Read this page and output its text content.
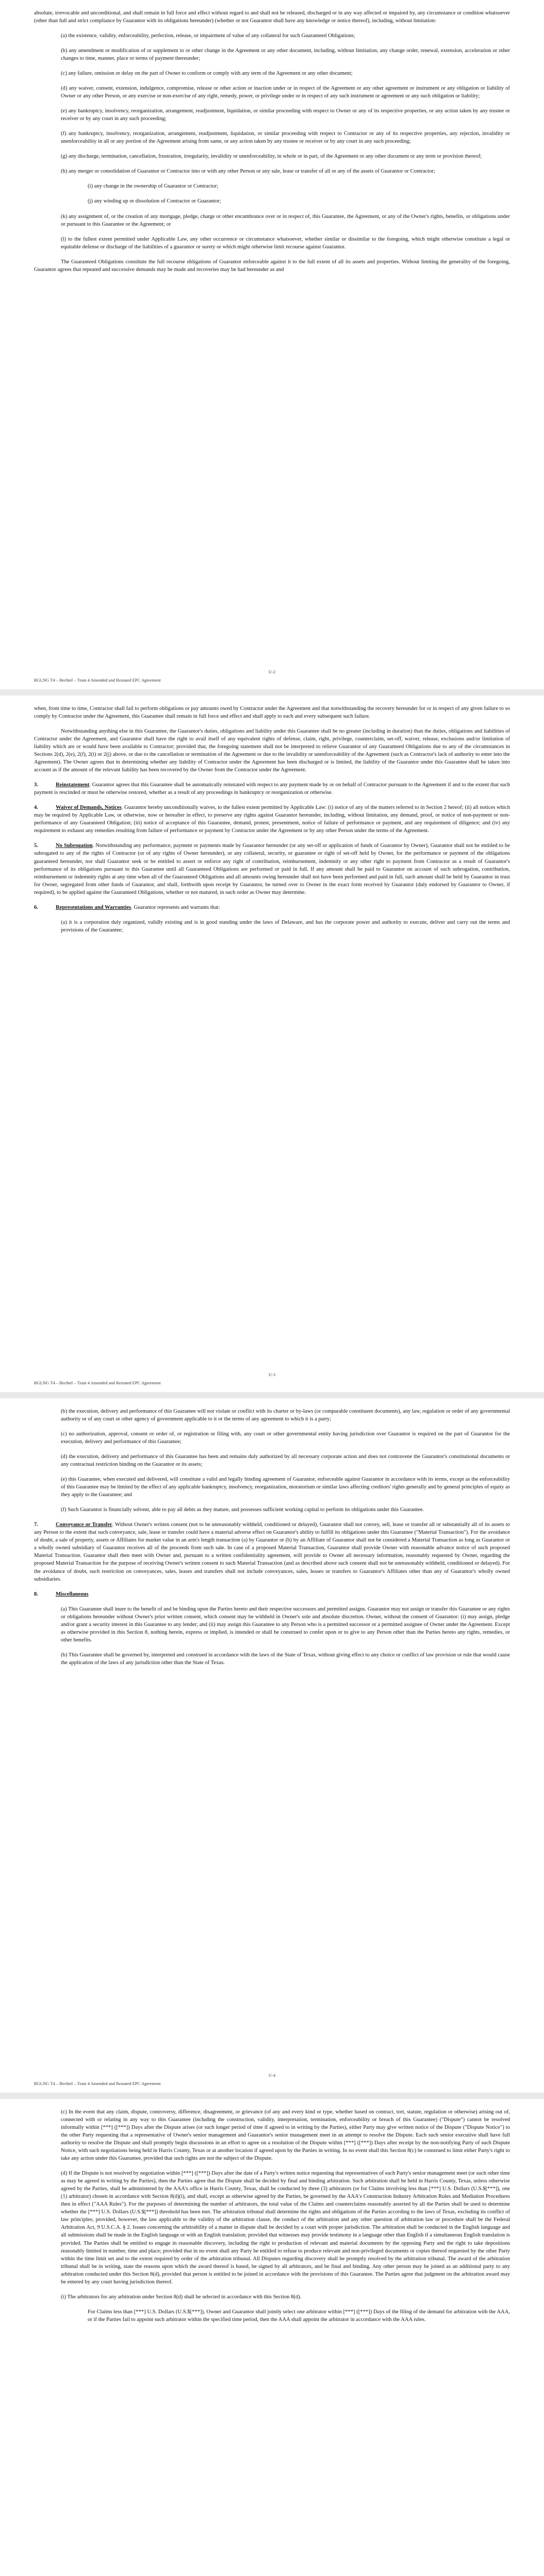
absolute, irrevocable and unconditional, and shall remain in full force and effect without regard to and shall not be released, discharged or in any way affected or impaired by, any circumstance or condition whatsoever (other than full and strict compliance by Guarantor with its obligations hereunder) (whether or not Guarantor shall have any knowledge or notice thereof), including, without limitation:

(a) the existence, validity, enforceability, perfection, release, or impairment of value of any collateral for such Guaranteed Obligations;

(b) any amendment or modification of or supplement to or other change in the Agreement or any other document, including, without limitation, any change order, renewal, extension, acceleration or other changes to time, manner, place or terms of payment thereunder;

(c) any failure, omission or delay on the part of Owner to conform or comply with any term of the Agreement or any other document;

(d) any waiver, consent, extension, indulgence, compromise, release or other action or inaction under or in respect of the Agreement or any other agreement or instrument or any obligation or liability of Owner or any other Person, or any exercise or non-exercise of any right, remedy, power, or privilege under or in respect of any such instrument or agreement or any such obligation or liability;

(e) any bankruptcy, insolvency, reorganization, arrangement, readjustment, liquidation, or similar proceeding with respect to Owner or any of its respective properties, or any action taken by any trustee or receiver or by any court in any such proceeding;

(f) any bankruptcy, insolvency, reorganization, arrangement, readjustment, liquidation, or similar proceeding with respect to Contractor or any of its respective properties, any rejection, invalidity or unenforceability in all or any portion of the Agreement arising from same, or any action taken by any trustee or receiver or by any court in any such proceeding;

(g) any discharge, termination, cancellation, frustration, irregularity, invalidity or unenforceability, in whole or in part, of the Agreement or any other document or any term or provision thereof;

(h) any merger or consolidation of Guarantor or Contractor into or with any other Person or any sale, lease or transfer of all or any of the assets of Guarantor or Contractor;

(i) any change in the ownership of Guarantor or Contractor;

(j) any winding up or dissolution of Contractor or Guarantor;

(k) any assignment of, or the creation of any mortgage, pledge, charge or other encumbrance over or in respect of, this Guarantee, the Agreement, or any of the Owner's rights, benefits, or obligations under or pursuant to this Guarantee or the Agreement; or

(l) to the fullest extent permitted under Applicable Law, any other occurrence or circumstance whatsoever, whether similar or dissimilar to the foregoing, which might otherwise constitute a legal or equitable defense or discharge of the liabilities of a guarantor or surety or which might otherwise limit recourse against Guarantor.

The Guaranteed Obligations constitute the full recourse obligations of Guarantor enforceable against it to the full extent of all its assets and properties. Without limiting the generality of the foregoing, Guarantor agrees that repeated and successive demands may be made and recoveries may be had hereunder as and

U-2
RGLNG T4 – Bechtel – Train 4 Amended and Restated EPC Agreement

when, from time to time, Contractor shall fail to perform obligations or pay amounts owed by Contractor under the Agreement and that notwithstanding the recovery hereunder for or in respect of any given failure to so comply by Contractor under the Agreement, this Guarantee shall remain in full force and effect and shall apply to each and every subsequent such failure.

Notwithstanding anything else in this Guarantee, the Guarantor's duties, obligations and liability under this Guarantee shall be no greater (including in duration) than the duties, obligations and liabilities of Contractor under the Agreement, and Guarantor shall have the right to avail itself of any equivalent rights of defense, claim, right, privilege, counterclaim, set-off, waiver, release, exclusions and/or limitation of liability which are or would have been available to Contractor; provided that, the foregoing statement shall not be interpreted to relieve Guarantor of any Guaranteed Obligations due to any of the circumstances in Sections 2(d), 2(e), 2(f), 2(i) or 2(j) above, or due to the cancellation or termination of the Agreement or due to the invalidity or unenforceability of the Agreement (such as Contractor's lack of authority to enter into the Agreement). The Owner agrees that in determining whether any liability of Contractor under the Agreement has been discharged or is limited, the liability of the Guarantor under this Guarantee shall be taken into account as if the amount of the relevant liability has been recovered by the Owner from the Contractor under the Agreement.

3.	Reinstatement. Guarantor agrees that this Guarantee shall be automatically reinstated with respect to any payment made by or on behalf of Contractor pursuant to the Agreement if and to the extent that such payment is rescinded or must be otherwise restored, whether as a result of any proceedings in bankruptcy or reorganization or otherwise.

4.	Waiver of Demands, Notices. Guarantor hereby unconditionally waives, to the fullest extent permitted by Applicable Law: (i) notice of any of the matters referred to in Section 2 hereof; (ii) all notices which may be required by Applicable Law, or otherwise, now or hereafter in effect, to preserve any rights against Guarantor hereunder, including, without limitation, any demand, proof, or notice of non-payment or non-performance of any Guaranteed Obligation; (iii) notice of acceptance of this Guarantee, demand, protest, presentment, notice of failure of performance or payment, and any requirement of diligence; and (iv) any requirement to exhaust any remedies resulting from failure of performance or payment by Contractor under the Agreement or by any other Person under the terms of the Agreement.

5.	No Subrogation. Notwithstanding any performance, payment or payments made by Guarantor hereunder (or any set-off or application of funds of Guarantor by Owner), Guarantor shall not be entitled to be subrogated to any of the rights of Contractor (or of any rights of Owner hereunder), or any collateral, security, or guarantee or right of set-off held by Owner, for the performance or payment of the obligations guaranteed hereunder, nor shall Guarantor seek or be entitled to assert or enforce any right of contribution, reimbursement, indemnity or any other right to payment from Contractor as a result of Guarantor's performance of its obligations pursuant to this Guarantee until all Guaranteed Obligations are performed or paid in full. If any amount shall be paid to Guarantor on account of such subrogation, contribution, reimbursement or indemnity rights at any time when all of the Guaranteed Obligations and all amounts owing hereunder shall not have been performed and paid in full, such amount shall be held by Guarantor in trust for Owner, segregated from other funds of Guarantor, and shall, forthwith upon receipt by Guarantor, be turned over to Owner in the exact form received by Guarantor (duly endorsed by Guarantor to Owner, if required), to be applied against the Guaranteed Obligations, whether or not matured, in such order as Owner may determine.

6.	Representations and Warranties. Guarantor represents and warrants that:

(a) it is a corporation duly organized, validly existing and is in good standing under the laws of Delaware, and has the corporate power and authority to execute, deliver and carry out the terms and provisions of the Guarantee;

U-3
RGLNG T4 – Bechtel – Train 4 Amended and Restated EPC Agreement

(b) the execution, delivery and performance of this Guarantee will not violate or conflict with its charter or by-laws (or comparable constituent documents), any law, regulation or order of any governmental authority or of any court or other agency of government applicable to it or the terms of any agreement to which it is a party;

(c) no authorization, approval, consent or order of, or registration or filing with, any court or other governmental entity having jurisdiction over Guarantor is required on the part of Guarantor for the execution, delivery and performance of this Guarantee;

(d) the execution, delivery and performance of this Guarantee has been and remains duly authorized by all necessary corporate action and does not contravene the Guarantor's constitutional documents or any contractual restriction binding on the Guarantor or its assets;

(e) this Guarantee, when executed and delivered, will constitute a valid and legally binding agreement of Guarantor, enforceable against Guarantor in accordance with its terms, except as the enforceability of this Guarantee may be limited by the effect of any applicable bankruptcy, insolvency, reorganization, moratorium or similar laws affecting creditors' rights generally and by general principles of equity as they apply to the Guarantee; and

(f) Such Guarantor is financially solvent, able to pay all debts as they mature, and possesses sufficient working capital to perform its obligations under this Guarantee.

7.	Conveyance or Transfer. Without Owner's written consent (not to be unreasonably withheld, conditioned or delayed), Guarantor shall not convey, sell, lease or transfer all or substantially all of its assets to any Person to the extent that such conveyance, sale, lease or transfer could have a material adverse effect on Guarantor's ability to fulfill its obligations under this Guarantee ("Material Transaction"). For the avoidance of doubt, a sale of property, assets or Affiliates for market value in an arm's length transaction (a) by Guarantor or (b) by an Affiliate of Guarantor shall not be considered a Material Transaction as long as Guarantor or a wholly owned subsidiary of Guarantor receives all of the proceeds from such sale. In case of a proposed Material Transaction, Guarantor shall provide Owner with reasonable advance notice of such proposed Material Transaction. Guarantor shall then meet with Owner and, pursuant to a written confidentiality agreement, will provide to Owner all necessary information, reasonably requested by Owner, regarding the proposed Material Transaction for the purpose of receiving Owner's written consent to such Material Transaction (and as described above such consent shall not be unreasonably withheld, conditioned or delayed). For the avoidance of doubt, such restriction on conveyances, sales, leases and transfers shall not include conveyances, sales, leases or transfers to Guarantor's Affiliates other than any of Guarantor's wholly owned subsidiaries.

8.	Miscellaneous

(a) This Guarantee shall inure to the benefit of and be binding upon the Parties hereto and their respective successors and permitted assigns. Guarantor may not assign or transfer this Guarantee or any rights or obligations hereunder without Owner's prior written consent, which consent may be withheld in Owner's sole and absolute discretion. Owner, without the consent of Guarantor: (i) may assign, pledge and/or grant a security interest in this Guarantee to any lender; and (ii) may assign this Guarantee to any Person who is a permitted successor or a permitted assignee of Owner under the Agreement. Except as otherwise provided in this Section 8, nothing herein, express or implied, is intended or shall be construed to confer upon or to give to any Person other than the Parties hereto any rights, remedies, or other benefits.

(b) This Guarantee shall be governed by, interpreted and construed in accordance with the laws of the State of Texas, without giving effect to any choice or conflict of law provision or rule that would cause the application of the laws of any jurisdiction other than the State of Texas.

U-4
RGLNG T4 – Bechtel – Train 4 Amended and Restated EPC Agreement

(c) In the event that any claim, dispute, controversy, difference, disagreement, or grievance (of any and every kind or type, whether based on contract, tort, statute, regulation or otherwise) arising out of, connected with or relating in any way to this Guarantee (including the construction, validity, interpretation, termination, enforceability or breach of this Guarantee) ("Dispute") cannot be resolved informally within [***] ([***]) Days after the Dispute arises (or such longer period of time if agreed to in writing by the Parties), either Party may give written notice of the Dispute ("Dispute Notice") to the other Party requesting that a representative of Owner's senior management and Guarantor's senior management meet in an attempt to resolve the Dispute. Each such senior executive shall have full authority to resolve the Dispute and shall promptly begin discussions in an effort to agree on a resolution of the Dispute within [***] ([***]) Days after receipt by the non-notifying Party of such Dispute Notice, with such negotiations being held in Harris County, Texas or at another location if agreed upon by the Parties in writing. In no event shall this Section 8(c) be construed to limit either Party's right to take any action under this Guarantee, provided that such rights are not the subject of the Dispute.

(d) If the Dispute is not resolved by negotiation within [***] ([***]) Days after the date of a Party's written notice requesting that representatives of each Party's senior management meet (or such other time as may be agreed in writing by the Parties), then the Parties agree that the Dispute shall be decided by final and binding arbitration. Such arbitration shall be held in Harris County, Texas, unless otherwise agreed by the Parties, shall be administered by the AAA's office in Harris County, Texas, shall be conducted by three (3) arbitrators (or for Claims involving less than [***] U.S. Dollars (U.S.$[***]), one (1) arbitrator) chosen in accordance with Section 8(d)(i), and shall, except as otherwise agreed by the Parties, be governed by the AAA's Construction Industry Arbitration Rules and Mediation Procedures then in effect ("AAA Rules"). For the purposes of determining the number of arbitrators, the total value of the Claims and counterclaims reasonably asserted by all the Parties shall be used to determine whether the [***] U.S. Dollars (U.S.$[***]) threshold has been met. The arbitration tribunal shall determine the rights and obligations of the Parties according to the laws of Texas, excluding its conflict of law principles; provided, however, the law applicable to the validity of the arbitration clause, the conduct of the arbitration and any other question of arbitration law or procedure shall be the Federal Arbitration Act, 9 U.S.C.A. § 2. Issues concerning the arbitrability of a matter in dispute shall be decided by a court with proper jurisdiction. The arbitration shall be conducted in the English language and all submissions shall be made in the English language or with an English translation; provided that witnesses may provide testimony in a language other than English if a simultaneous English translation is provided. The Parties shall be entitled to engage in reasonable discovery, including the right to production of relevant and material documents by the opposing Party and the right to take depositions reasonably limited in number, time and place; provided that in no event shall any Party be entitled to refuse to produce relevant and non-privileged documents or copies thereof requested by the other Party within the time limit set and to the extent required by order of the arbitration tribunal. All Disputes regarding discovery shall be promptly resolved by the arbitration tribunal. The award of the arbitration tribunal shall be in writing, state the reasons upon which the award thereof is based, be signed by all arbitrators, and be final and binding. Any other person may be joined as an additional party to any arbitration conducted under this Section 8(d), provided that person is entitled to be joined in accordance with the provisions of this Guarantee. The Parties agree that judgment on the arbitration award may be entered by any court having jurisdiction thereof.

(i) The arbitrators for any arbitration under Section 8(d) shall be selected in accordance with this Section 8(d).

For Claims less than [***] U.S. Dollars (U.S.$[***]), Owner and Guarantor shall jointly select one arbitrator within [***] ([***]) Days of the filing of the demand for arbitration with the AAA, or if the Parties fail to appoint such arbitrator within the specified time period, then the AAA shall appoint the arbitrator in accordance with the AAA rules.
